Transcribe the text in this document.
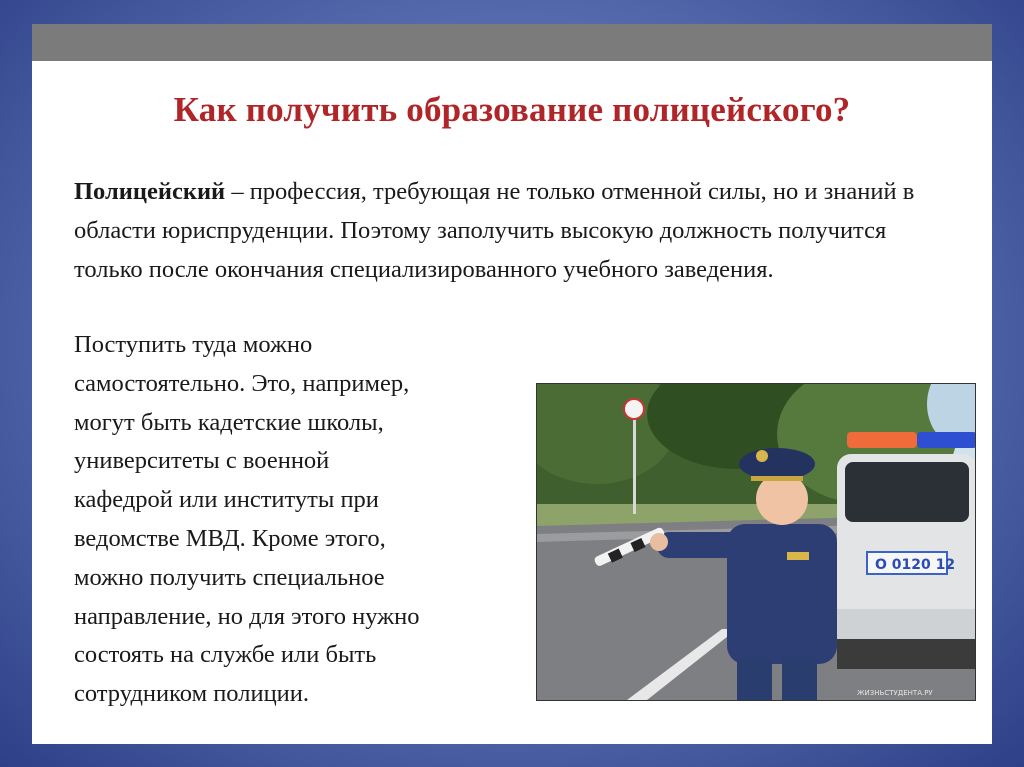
Как получить образование полицейского?
Полицейский – профессия, требующая не только отменной силы, но и знаний в области юриспруденции. Поэтому заполучить высокую должность получится только после окончания специализированного учебного заведения.
Поступить туда можно
самостоятельно. Это, например,
могут быть кадетские школы,
университеты с военной
кафедрой или институты при
ведомстве МВД. Кроме этого,
можно получить специальное
направление, но для этого нужно
состоять на службе или быть
сотрудником полиции.
О 0120 12
ЖИЗНЬСТУДЕНТА.РУ
